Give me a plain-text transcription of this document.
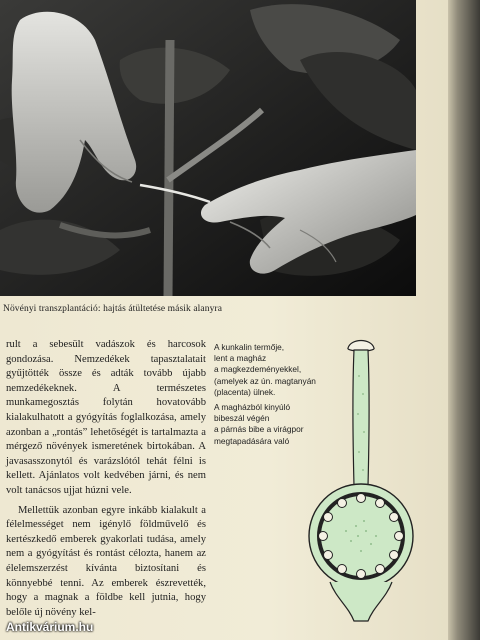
Növényi transzplantáció: hajtás átültetése másik alanyra

rult a sebesült vadászok és harcosok gondozása. Nemzedékek tapasztalatait gyűjtötték össze és adták tovább újabb nemzedékeknek. A természetes munkamegosztás folytán hovatovább kialakulhatott a gyógyítás foglalkozása, amely azonban a „rontás” lehetőségét is tartalmazta a mérgező növények ismeretének birtokában. A javasasszonytól és varázslótól tehát félni is kellett. Ajánlatos volt kedvében járni, és nem volt tanácsos ujjat húzni vele.

Mellettük azonban egyre inkább kialakult a félelmességet nem igénylő földművelő és kertészkedő emberek gyakorlati tudása, amely nem a gyógyítást és rontást célozta, hanem az élelemszerzést kívánta biztosítani és könnyebbé tenni. Az emberek észrevették, hogy a magnak a földbe kell jutnia, hogy belőle új növény kel-

A kunkalin termője,
lent a magház
a magkezdeményekkel,
(amelyek az ún. magtanyán
(placenta) ülnek.
A magházból kinyúló
bibeszál végén
a párnás bibe a virágpor
megtapadására való
Antikvárium.hu
